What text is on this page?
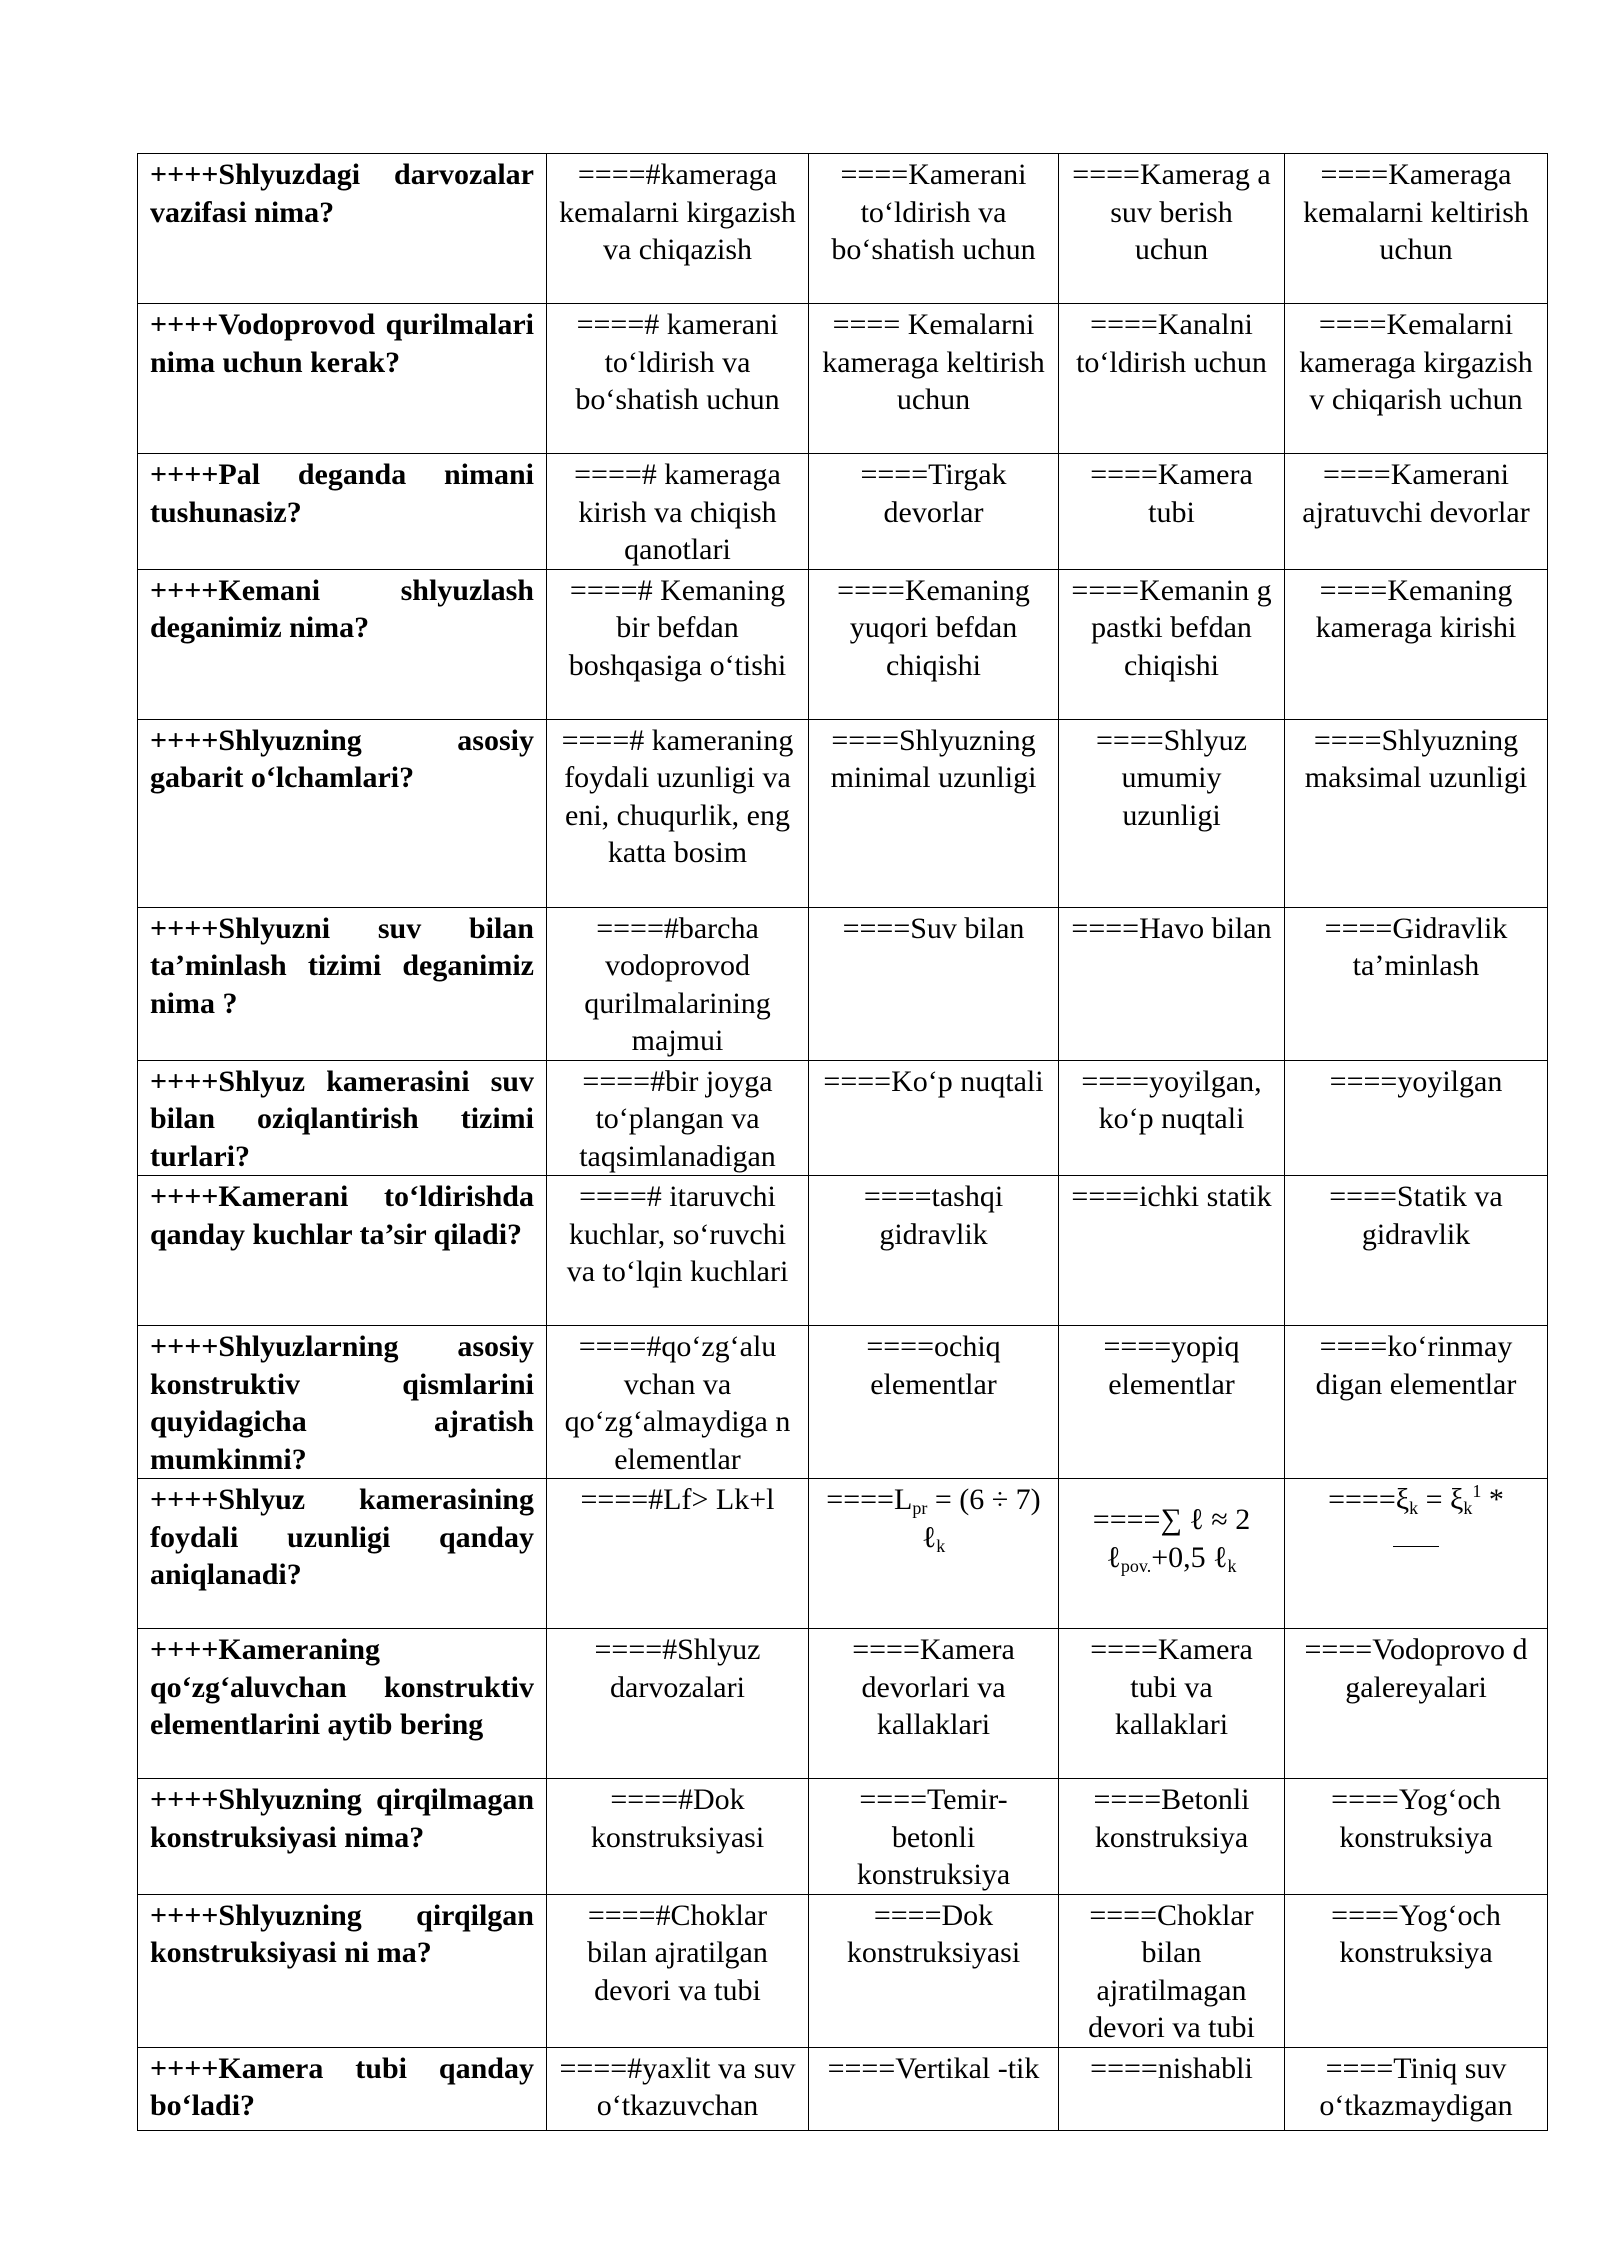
++++Shlyuzdagi darvozalar vazifasi nima?	====#kameraga kemalarni kirgazish va chiqazish	====Kamerani to‘ldirish va bo‘shatish uchun	====Kamerag a suv berish uchun	====Kameraga kemalarni keltirish uchun
++++Vodoprovod qurilmalari nima uchun kerak?	====# kamerani to‘ldirish va bo‘shatish uchun	==== Kemalarni kameraga keltirish uchun	====Kanalni to‘ldirish uchun	====Kemalarni kameraga kirgazish v chiqarish uchun
++++Pal deganda nimani tushunasiz?	====# kameraga kirish va chiqish qanotlari	====Tirgak devorlar	====Kamera tubi	====Kamerani ajratuvchi devorlar
++++Kemani shlyuzlash deganimiz nima?	====# Kemaning bir befdan boshqasiga o‘tishi	====Kemaning yuqori befdan chiqishi	====Kemanin g pastki befdan chiqishi	====Kemaning kameraga kirishi
++++Shlyuzning asosiy gabarit o‘lchamlari?	====# kameraning foydali uzunligi va eni, chuqurlik, eng katta bosim	====Shlyuzning minimal uzunligi	====Shlyuz umumiy uzunligi	====Shlyuzning maksimal uzunligi
++++Shlyuzni suv bilan ta’minlash tizimi deganimiz nima ?	====#barcha vodoprovod qurilmalarining majmui	====Suv bilan	====Havo bilan	====Gidravlik ta’minlash
++++Shlyuz kamerasini suv bilan oziqlantirish tizimi turlari?	====#bir joyga to‘plangan va taqsimlanadigan	====Ko‘p nuqtali	====yoyilgan, ko‘p nuqtali	====yoyilgan
++++Kamerani to‘ldirishda qanday kuchlar ta’sir qiladi?	====# itaruvchi kuchlar, so‘ruvchi va to‘lqin kuchlari	====tashqi gidravlik	====ichki statik	====Statik va gidravlik
++++Shlyuzlarning asosiy konstruktiv qismlarini quyidagicha ajratish mumkinmi?	====#qo‘zg‘alu vchan va qo‘zg‘almaydiga n elementlar	====ochiq elementlar	====yopiq elementlar	====ko‘rinmay digan elementlar
++++Shlyuz kamerasining foydali uzunligi qanday aniqlanadi?	====#Lf> Lk+l	$====L_{pr} = (6 \div 7)$ ℓ$_k$	====∑ ℓ ≈ 2 ℓ$_{pov.}$+0,5 ℓ$_k$	$====\xi_k = \xi_k^1$ *

++++Kameraning qo‘zg‘aluvchan konstruktiv elementlarini aytib bering	====#Shlyuz darvozalari	====Kamera devorlari va kallaklari	====Kamera tubi va kallaklari	====Vodoprovo d galereyalari
++++Shlyuzning qirqilmagan konstruksiyasi nima?	====#Dok konstruksiyasi	====Temir-betonli konstruksiya	====Betonli konstruksiya	====Yog‘och konstruksiya
++++Shlyuzning qirqilgan konstruksiyasi ni ma?	====#Choklar bilan ajratilgan devori va tubi	====Dok konstruksiyasi	====Choklar bilan ajratilmagan devori va tubi	====Yog‘och konstruksiya
++++Kamera tubi qanday bo‘ladi?	====#yaxlit va suv o‘tkazuvchan	====Vertikal -tik	====nishabli	====Tiniq suv o‘tkazmaydigan
